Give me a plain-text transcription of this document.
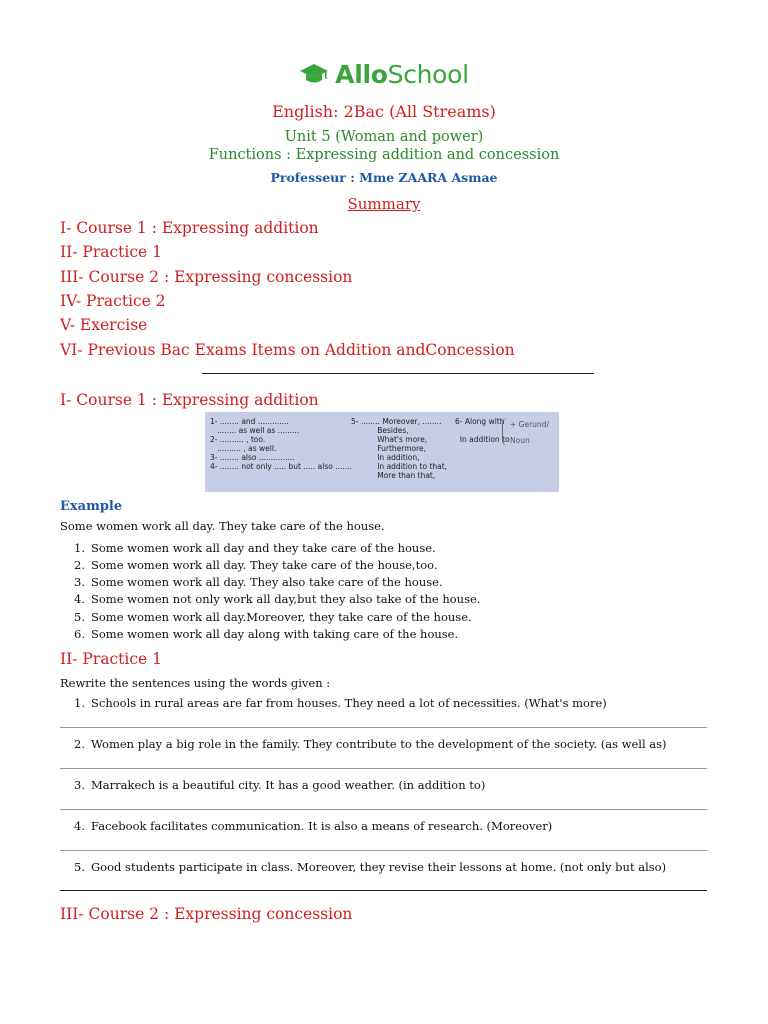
AlloSchool
English: 2Bac (All Streams)
Unit 5 (Woman and power)
Functions : Expressing addition and concession
Professeur : Mme ZAARA Asmae
Summary
I- Course 1 : Expressing addition
II- Practice 1
III- Course 2 : Expressing concession
IV- Practice 2
V- Exercise
VI- Previous Bac Exams Items on Addition andConcession
I- Course 1 : Expressing addition
1- ........ and .............
........ as well as .........
2- .......... , too.
.......... , as well.
3- ........ also ...............
4- ........ not only ..... but ..... also .......
5- ........ Moreover, ........
Besides,
What's more,
Furthermore,
In addition,
In addition to that,
More than that,
6- Along with

In addition to
+ Gerund/
Noun
Example
Some women work all day. They take care of the house.
1. Some women work all day and they take care of the house.
2. Some women work all day. They take care of the house,too.
3. Some women work all day. They also take care of the house.
4. Some women not only work all day,but they also take of the house.
5. Some women work all day.Moreover, they take care of the house.
6. Some women work all day along with taking care of the house.
II- Practice 1
Rewrite the sentences using the words given :
1. Schools in rural areas are far from houses. They need a lot of necessities. (What's more)
2. Women play a big role in the family. They contribute to the development of the society. (as well as)
3. Marrakech is a beautiful city. It has a good weather. (in addition to)
4. Facebook facilitates communication. It is also a means of research. (Moreover)
5. Good students participate in class. Moreover, they revise their lessons at home. (not only but also)
III- Course 2 : Expressing concession
